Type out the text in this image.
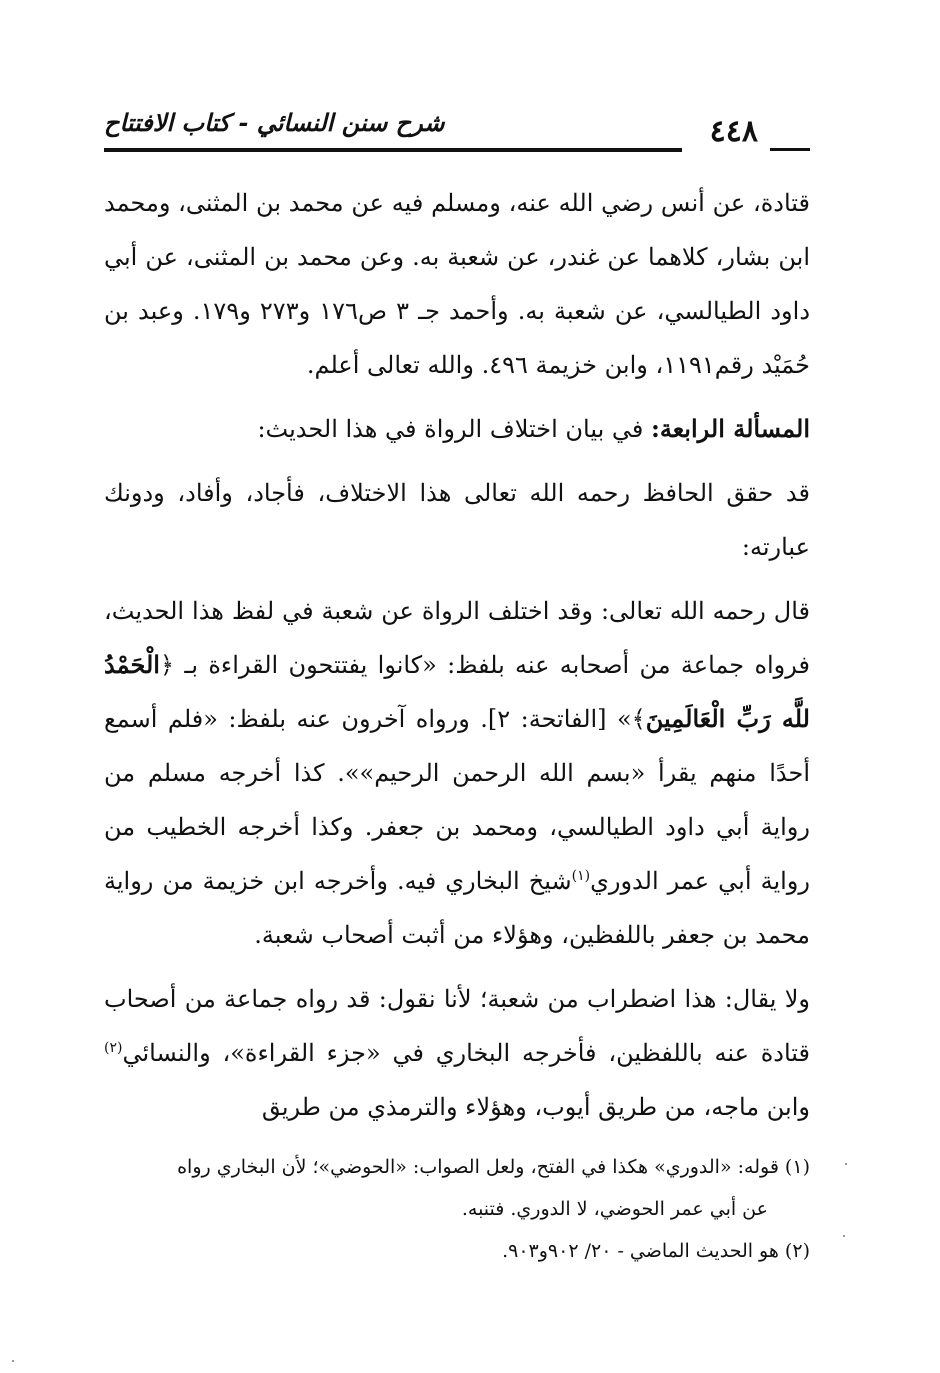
٤٤٨
شرح سنن النسائي - كتاب الافتتاح

قتادة، عن أنس رضي الله عنه، ومسلم فيه عن محمد بن المثنى، ومحمد ابن بشار، كلاهما عن غندر، عن شعبة به. وعن محمد بن المثنى، عن أبي داود الطيالسي، عن شعبة به. وأحمد جـ ٣ ص١٧٦ و٢٧٣ و١٧٩. وعبد بن حُمَيْد رقم١١٩١، وابن خزيمة ٤٩٦. والله تعالى أعلم.

المسألة الرابعة: في بيان اختلاف الرواة في هذا الحديث:

قد حقق الحافظ رحمه الله تعالى هذا الاختلاف، فأجاد، وأفاد، ودونك عبارته:

قال رحمه الله تعالى: وقد اختلف الرواة عن شعبة في لفظ هذا الحديث، فرواه جماعة من أصحابه عنه بلفظ: «كانوا يفتتحون القراءة بـ ﴿الْحَمْدُ للَّه رَبِّ الْعَالَمِينَ﴾» [الفاتحة: ٢]. ورواه آخرون عنه بلفظ: «فلم أسمع أحدًا منهم يقرأ «بسم الله الرحمن الرحيم»». كذا أخرجه مسلم من رواية أبي داود الطيالسي، ومحمد بن جعفر. وكذا أخرجه الخطيب من رواية أبي عمر الدوري$^{(١)}$شيخ البخاري فيه. وأخرجه ابن خزيمة من رواية محمد بن جعفر باللفظين، وهؤلاء من أثبت أصحاب شعبة.

ولا يقال: هذا اضطراب من شعبة؛ لأنا نقول: قد رواه جماعة من أصحاب قتادة عنه باللفظين، فأخرجه البخاري في «جزء القراءة»، والنسائي$^{(٢)}$ وابن ماجه، من طريق أيوب، وهؤلاء والترمذي من طريق

(١) قوله: «الدوري» هكذا في الفتح، ولعل الصواب: «الحوضي»؛ لأن البخاري رواه

عن أبي عمر الحوضي، لا الدوري. فتنبه.

(٢) هو الحديث الماضي - ٢٠/ ٩٠٢و٩٠٣.
